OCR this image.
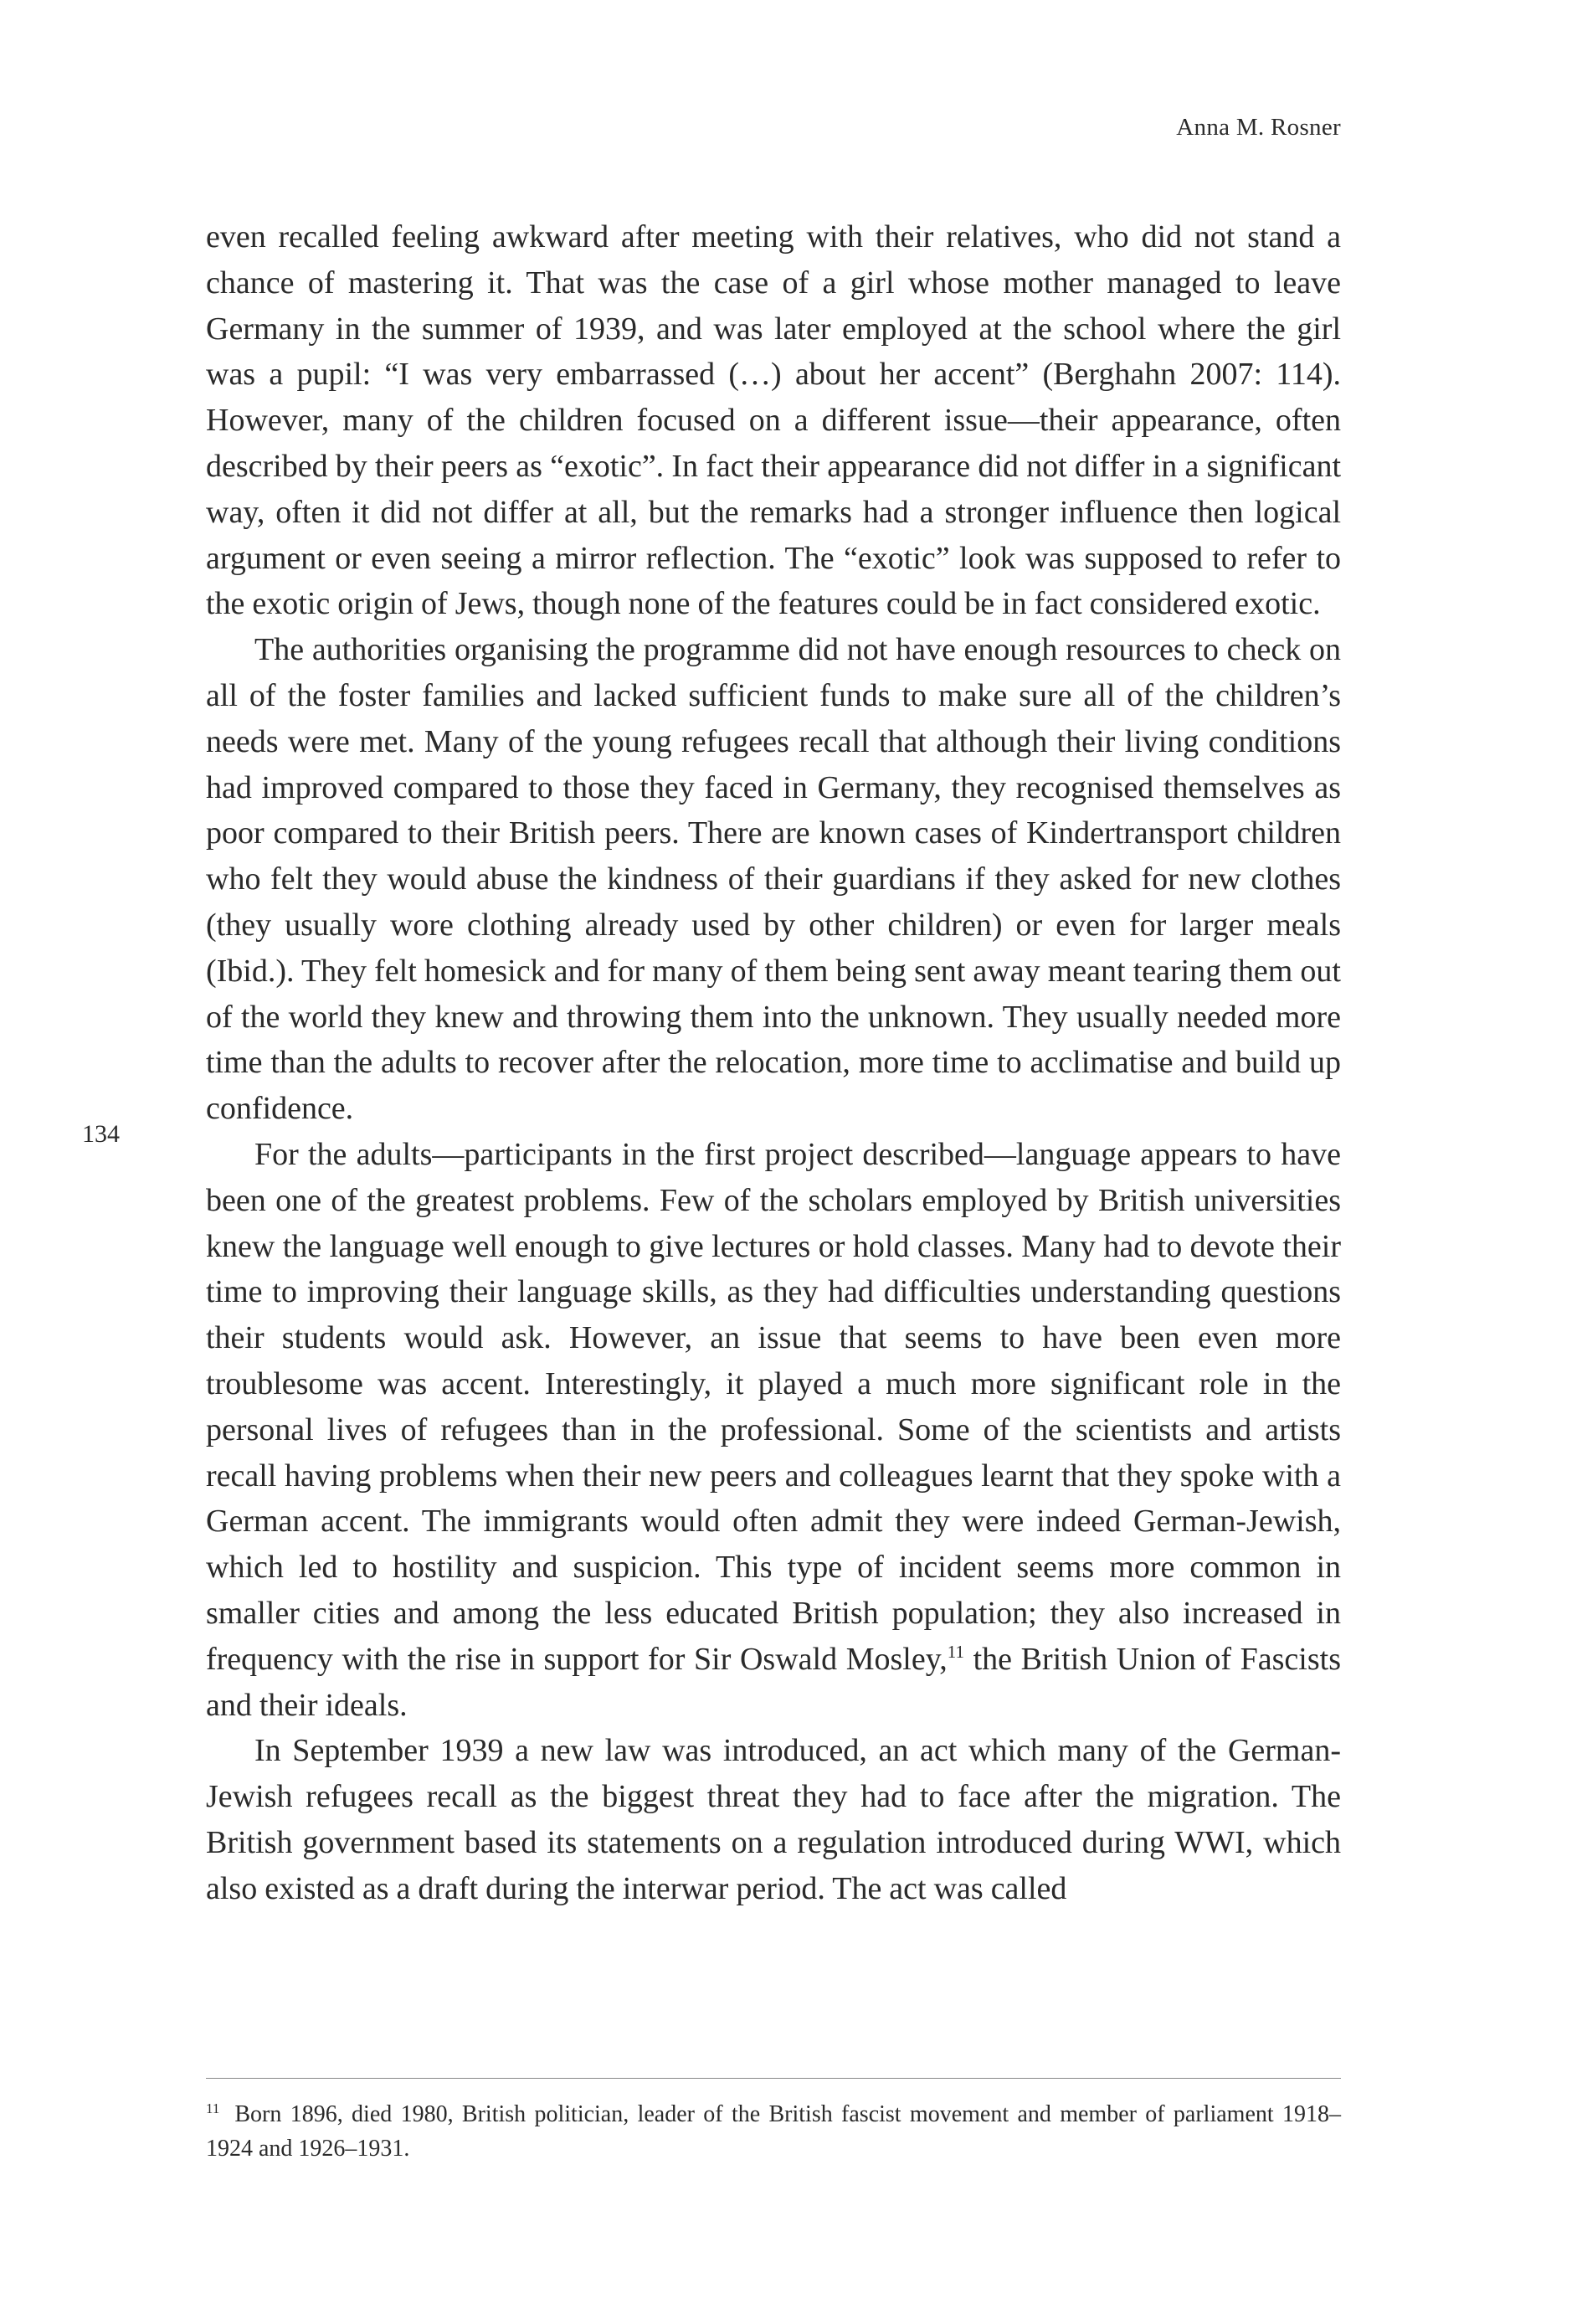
Anna M. Rosner
134

even recalled feeling awkward after meeting with their relatives, who did not stand a chance of mastering it. That was the case of a girl whose mother managed to leave Germany in the summer of 1939, and was later employed at the school where the girl was a pupil: “I was very embarrassed (…) about her accent” (Berghahn 2007: 114). However, many of the children focused on a different issue—their appearance, often described by their peers as “exotic”. In fact their appearance did not differ in a significant way, often it did not differ at all, but the remarks had a stronger influence then logical argument or even seeing a mirror reflection. The “exotic” look was supposed to refer to the exotic origin of Jews, though none of the features could be in fact considered exotic.

The authorities organising the programme did not have enough resources to check on all of the foster families and lacked sufficient funds to make sure all of the children’s needs were met. Many of the young refugees recall that although their living conditions had improved compared to those they faced in Germany, they recognised themselves as poor compared to their British peers. There are known cases of Kindertransport children who felt they would abuse the kindness of their guardians if they asked for new clothes (they usually wore clothing already used by other children) or even for larger meals (Ibid.). They felt homesick and for many of them being sent away meant tearing them out of the world they knew and throwing them into the unknown. They usually needed more time than the adults to recover after the relocation, more time to acclimatise and build up confidence.

For the adults—participants in the first project described—language appears to have been one of the greatest problems. Few of the scholars employed by British universities knew the language well enough to give lectures or hold classes. Many had to devote their time to improving their language skills, as they had difficulties understanding questions their students would ask. However, an issue that seems to have been even more troublesome was accent. Interestingly, it played a much more significant role in the personal lives of refugees than in the professional. Some of the scientists and artists recall having problems when their new peers and colleagues learnt that they spoke with a German accent. The immigrants would often admit they were indeed German-Jewish, which led to hostility and suspicion. This type of incident seems more common in smaller cities and among the less educated British population; they also increased in frequency with the rise in support for Sir Oswald Mosley,$^{11}$ the British Union of Fascists and their ideals.

In September 1939 a new law was introduced, an act which many of the German-Jewish refugees recall as the biggest threat they had to face after the migration. The British government based its statements on a regulation introduced during WWI, which also existed as a draft during the interwar period. The act was called

$^{11}$ Born 1896, died 1980, British politician, leader of the British fascist movement and member of parliament 1918–1924 and 1926–1931.
